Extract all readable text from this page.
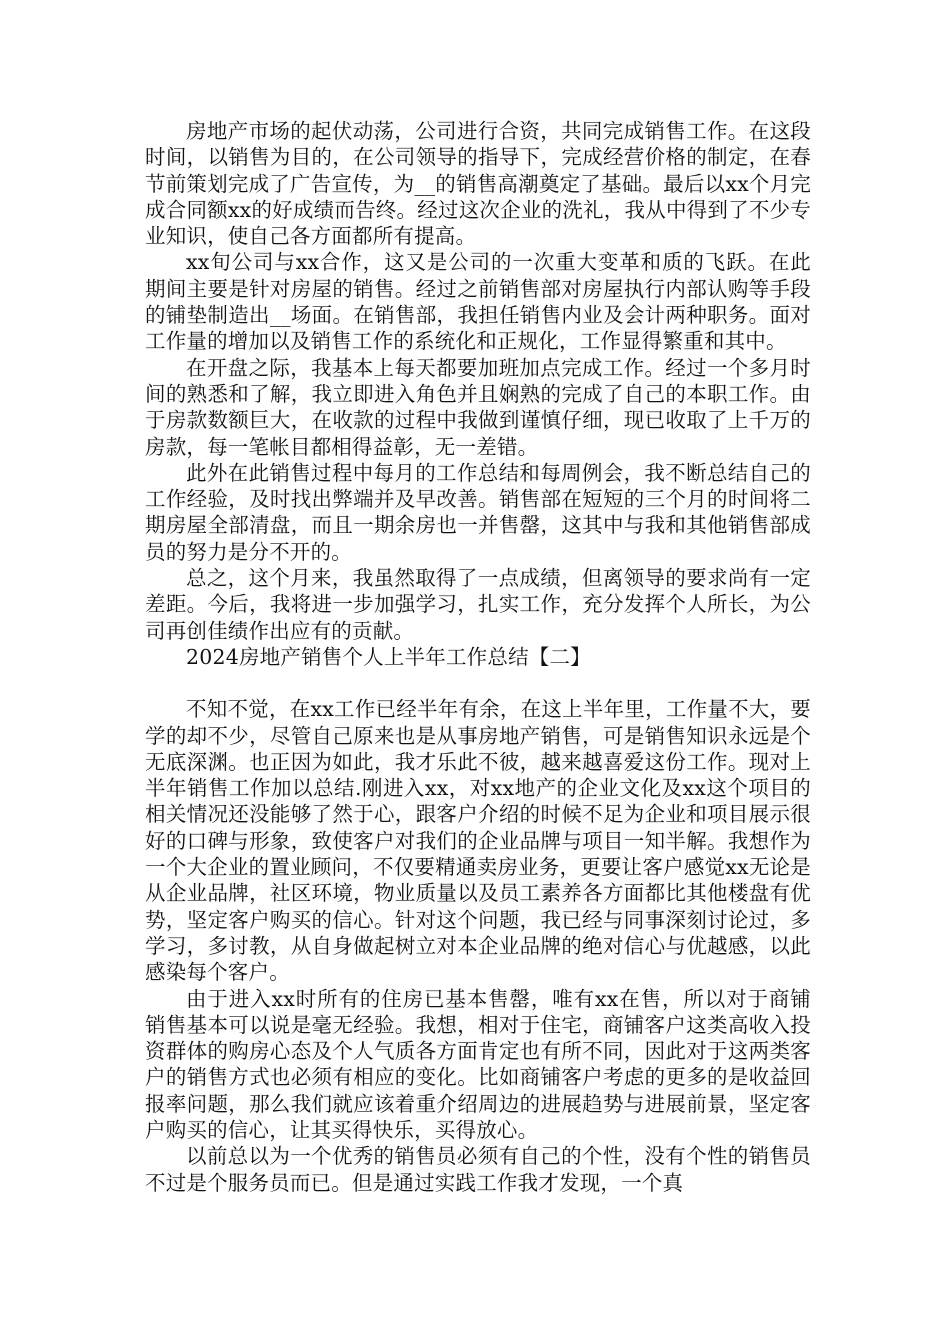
房地产市场的起伏动荡，公司进行合资，共同完成销售工作。在这段时间，以销售为目的，在公司领导的指导下，完成经营价格的制定，在春节前策划完成了广告宣传，为__的销售高潮奠定了基础。最后以xx个月完成合同额xx的好成绩而告终。经过这次企业的洗礼，我从中得到了不少专业知识，使自己各方面都所有提高。

xx旬公司与xx合作，这又是公司的一次重大变革和质的飞跃。在此期间主要是针对房屋的销售。经过之前销售部对房屋执行内部认购等手段的铺垫制造出__场面。在销售部，我担任销售内业及会计两种职务。面对工作量的增加以及销售工作的系统化和正规化，工作显得繁重和其中。

在开盘之际，我基本上每天都要加班加点完成工作。经过一个多月时间的熟悉和了解，我立即进入角色并且娴熟的完成了自己的本职工作。由于房款数额巨大，在收款的过程中我做到谨慎仔细，现已收取了上千万的房款，每一笔帐目都相得益彰，无一差错。

此外在此销售过程中每月的工作总结和每周例会，我不断总结自己的工作经验，及时找出弊端并及早改善。销售部在短短的三个月的时间将二期房屋全部清盘，而且一期余房也一并售罄，这其中与我和其他销售部成员的努力是分不开的。

总之，这个月来，我虽然取得了一点成绩，但离领导的要求尚有一定差距。今后，我将进一步加强学习，扎实工作，充分发挥个人所长，为公司再创佳绩作出应有的贡献。

2024房地产销售个人上半年工作总结【二】

不知不觉，在xx工作已经半年有余，在这上半年里，工作量不大，要学的却不少，尽管自己原来也是从事房地产销售，可是销售知识永远是个无底深渊。也正因为如此，我才乐此不彼，越来越喜爱这份工作。现对上半年销售工作加以总结.刚进入xx，对xx地产的企业文化及xx这个项目的相关情况还没能够了然于心，跟客户介绍的时候不足为企业和项目展示很好的口碑与形象，致使客户对我们的企业品牌与项目一知半解。我想作为一个大企业的置业顾问，不仅要精通卖房业务，更要让客户感觉xx无论是从企业品牌，社区环境，物业质量以及员工素养各方面都比其他楼盘有优势，坚定客户购买的信心。针对这个问题，我已经与同事深刻讨论过，多学习，多讨教，从自身做起树立对本企业品牌的绝对信心与优越感，以此感染每个客户。

由于进入xx时所有的住房已基本售罄，唯有xx在售，所以对于商铺销售基本可以说是毫无经验。我想，相对于住宅，商铺客户这类高收入投资群体的购房心态及个人气质各方面肯定也有所不同，因此对于这两类客户的销售方式也必须有相应的变化。比如商铺客户考虑的更多的是收益回报率问题，那么我们就应该着重介绍周边的进展趋势与进展前景，坚定客户购买的信心，让其买得快乐，买得放心。

以前总以为一个优秀的销售员必须有自己的个性，没有个性的销售员不过是个服务员而已。但是通过实践工作我才发现，一个真
